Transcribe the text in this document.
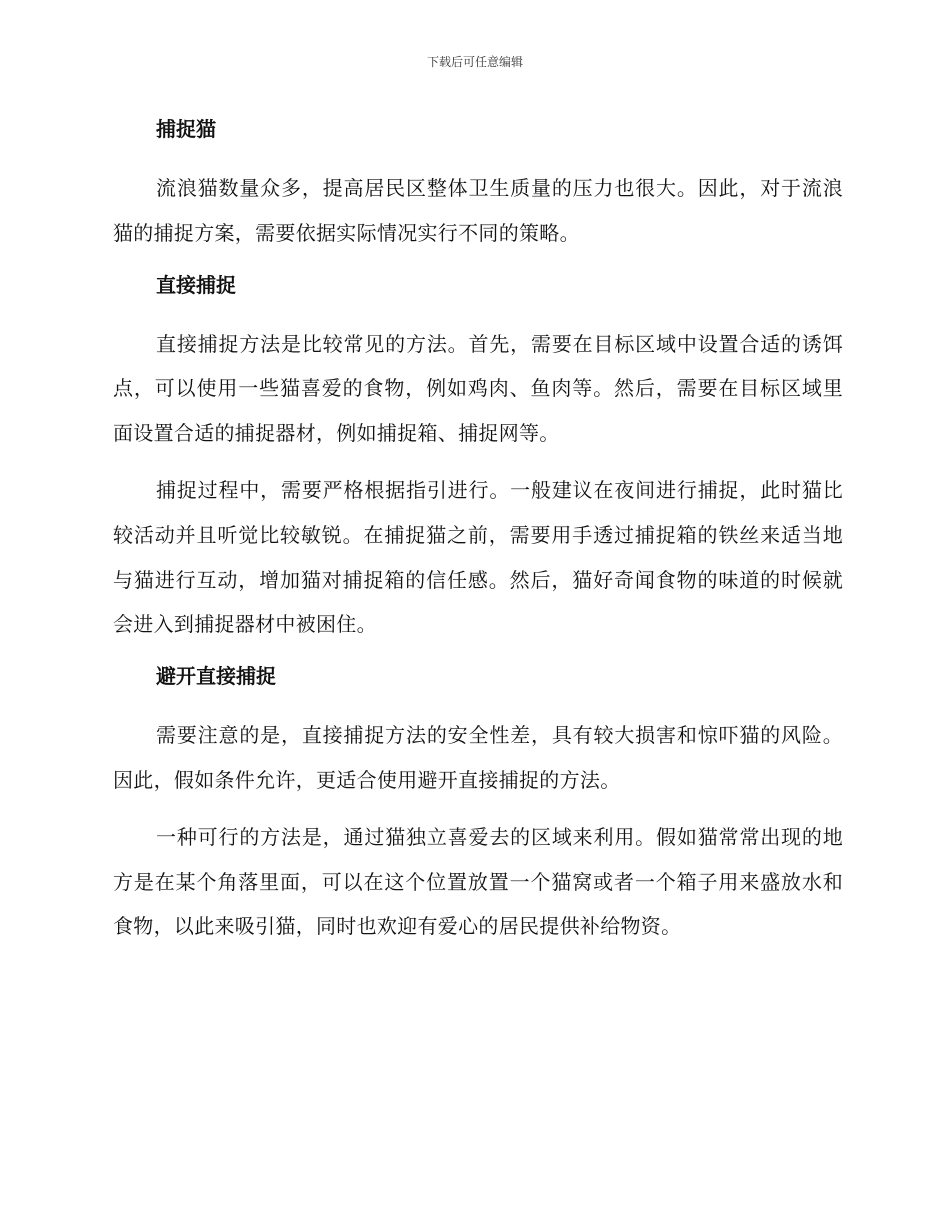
下载后可任意编辑
捕捉猫

流浪猫数量众多，提高居民区整体卫生质量的压力也很大。因此，对于流浪猫的捕捉方案，需要依据实际情况实行不同的策略。

直接捕捉

直接捕捉方法是比较常见的方法。首先，需要在目标区域中设置合适的诱饵点，可以使用一些猫喜爱的食物，例如鸡肉、鱼肉等。然后，需要在目标区域里面设置合适的捕捉器材，例如捕捉箱、捕捉网等。

捕捉过程中，需要严格根据指引进行。一般建议在夜间进行捕捉，此时猫比较活动并且听觉比较敏锐。在捕捉猫之前，需要用手透过捕捉箱的铁丝来适当地与猫进行互动，增加猫对捕捉箱的信任感。然后，猫好奇闻食物的味道的时候就会进入到捕捉器材中被困住。

避开直接捕捉

需要注意的是，直接捕捉方法的安全性差，具有较大损害和惊吓猫的风险。因此，假如条件允许，更适合使用避开直接捕捉的方法。

一种可行的方法是，通过猫独立喜爱去的区域来利用。假如猫常常出现的地方是在某个角落里面，可以在这个位置放置一个猫窝或者一个箱子用来盛放水和食物，以此来吸引猫，同时也欢迎有爱心的居民提供补给物资。
